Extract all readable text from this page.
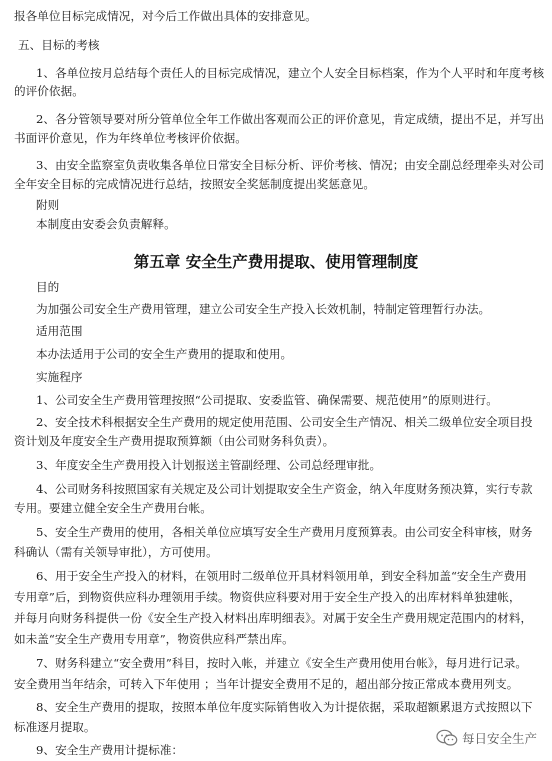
报各单位目标完成情况，对今后工作做出具体的安排意见。
五、目标的考核
1、各单位按月总结每个责任人的目标完成情况，建立个人安全目标档案，作为个人平时和年度考核
的评价依据。
2、各分管领导要对所分管单位全年工作做出客观而公正的评价意见，肯定成绩，提出不足，并写出
书面评价意见，作为年终单位考核评价依据。
3、由安全监察室负责收集各单位日常安全目标分析、评价考核、情况；由安全副总经理牵头对公司
全年安全目标的完成情况进行总结，按照安全奖惩制度提出奖惩意见。
附则
本制度由安委会负责解释。
第五章 安全生产费用提取、使用管理制度
目的
为加强公司安全生产费用管理，建立公司安全生产投入长效机制，特制定管理暂行办法。
适用范围
本办法适用于公司的安全生产费用的提取和使用。
实施程序
1、公司安全生产费用管理按照“公司提取、安委监管、确保需要、规范使用”的原则进行。
2、安全技术科根据安全生产费用的规定使用范围、公司安全生产情况、相关二级单位安全项目投
资计划及年度安全生产费用提取预算额（由公司财务科负责）。
3、年度安全生产费用投入计划报送主管副经理、公司总经理审批。
4、公司财务科按照国家有关规定及公司计划提取安全生产资金，纳入年度财务预决算，实行专款
专用。要建立健全安全生产费用台帐。
5、安全生产费用的使用，各相关单位应填写安全生产费用月度预算表。由公司安全科审核，财务
科确认（需有关领导审批），方可使用。
6、用于安全生产投入的材料，在领用时二级单位开具材料领用单，到安全科加盖“安全生产费用
专用章”后，到物资供应科办理领用手续。物资供应科要对用于安全生产投入的出库材料单独建帐，
并每月向财务科提供一份《安全生产投入材料出库明细表》。对属于安全生产费用规定范围内的材料，
如未盖“安全生产费用专用章”，物资供应科严禁出库。
7、财务科建立“安全费用”科目，按时入帐，并建立《安全生产费用使用台帐》，每月进行记录。
安全费用当年结余，可转入下年使用 ；当年计提安全费用不足的，超出部分按正常成本费用列支。
8、安全生产费用的提取，按照本单位年度实际销售收入为计提依据，采取超额累退方式按照以下
标准逐月提取。
9、安全生产费用计提标准：
每日安全生产
